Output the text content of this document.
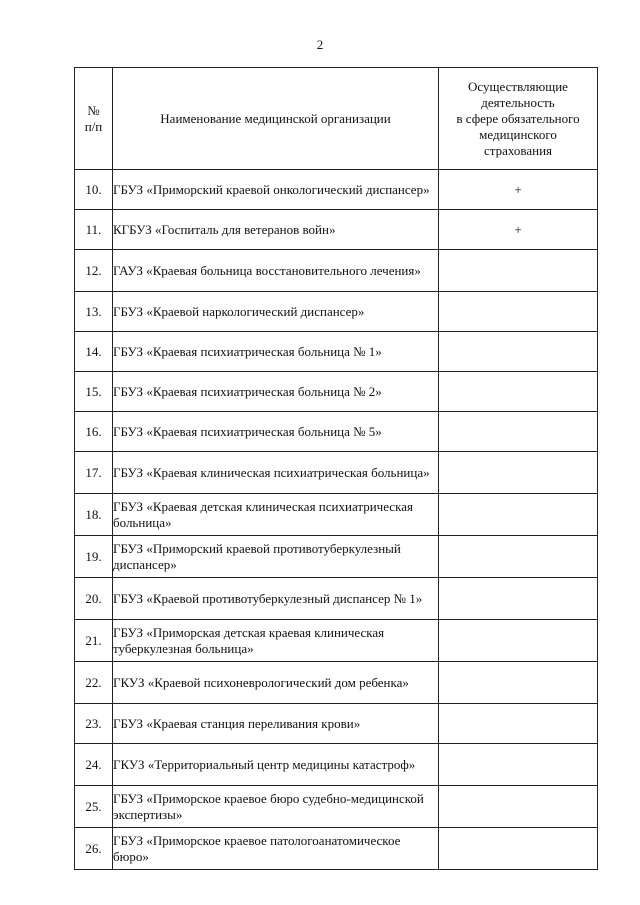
2
№
п/п	Наименование медицинской организации	Осуществляющие
деятельность
в сфере обязательного
медицинского
страхования
10.	ГБУЗ «Приморский краевой онкологический диспансер»	+
11.	КГБУЗ «Госпиталь для ветеранов войн»	+
12.	ГАУЗ «Краевая больница восстановительного лечения»	
13.	ГБУЗ «Краевой наркологический диспансер»	
14.	ГБУЗ «Краевая психиатрическая больница № 1»	
15.	ГБУЗ «Краевая психиатрическая больница № 2»	
16.	ГБУЗ «Краевая психиатрическая больница № 5»	
17.	ГБУЗ «Краевая клиническая психиатрическая больница»	
18.	ГБУЗ «Краевая детская клиническая психиатрическая больница»	
19.	ГБУЗ «Приморский краевой противотуберкулезный диспансер»	
20.	ГБУЗ «Краевой противотуберкулезный диспансер № 1»	
21.	ГБУЗ «Приморская детская краевая клиническая туберкулезная больница»	
22.	ГКУЗ «Краевой психоневрологический дом ребенка»	
23.	ГБУЗ «Краевая станция переливания крови»	
24.	ГКУЗ «Территориальный центр медицины катастроф»	
25.	ГБУЗ «Приморское краевое бюро судебно-медицинской экспертизы»	
26.	ГБУЗ «Приморское краевое патологоанатомическое бюро»	
